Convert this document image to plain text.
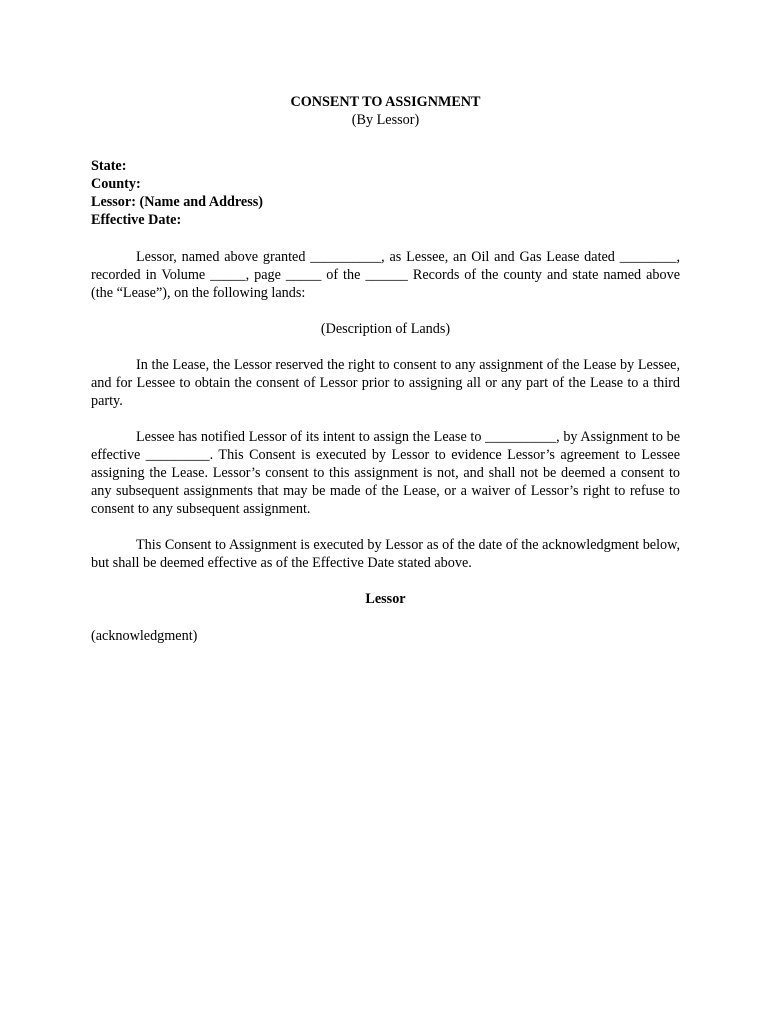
CONSENT TO ASSIGNMENT

(By Lessor)

State:
County:
Lessor: (Name and Address)
Effective Date:

Lessor, named above granted __________, as Lessee, an Oil and Gas Lease dated ________, recorded in Volume _____, page _____ of the ______ Records of the county and state named above (the “Lease”), on the following lands:

(Description of Lands)

In the Lease, the Lessor reserved the right to consent to any assignment of the Lease by Lessee, and for Lessee to obtain the consent of Lessor prior to assigning all or any part of the Lease to a third party.

Lessee has notified Lessor of its intent to assign the Lease to __________, by Assignment to be effective _________. This Consent is executed by Lessor to evidence Lessor’s agreement to Lessee assigning the Lease. Lessor’s consent to this assignment is not, and shall not be deemed a consent to any subsequent assignments that may be made of the Lease, or a waiver of Lessor’s right to refuse to consent to any subsequent assignment.

This Consent to Assignment is executed by Lessor as of the date of the acknowledgment below, but shall be deemed effective as of the Effective Date stated above.

Lessor

(acknowledgment)
